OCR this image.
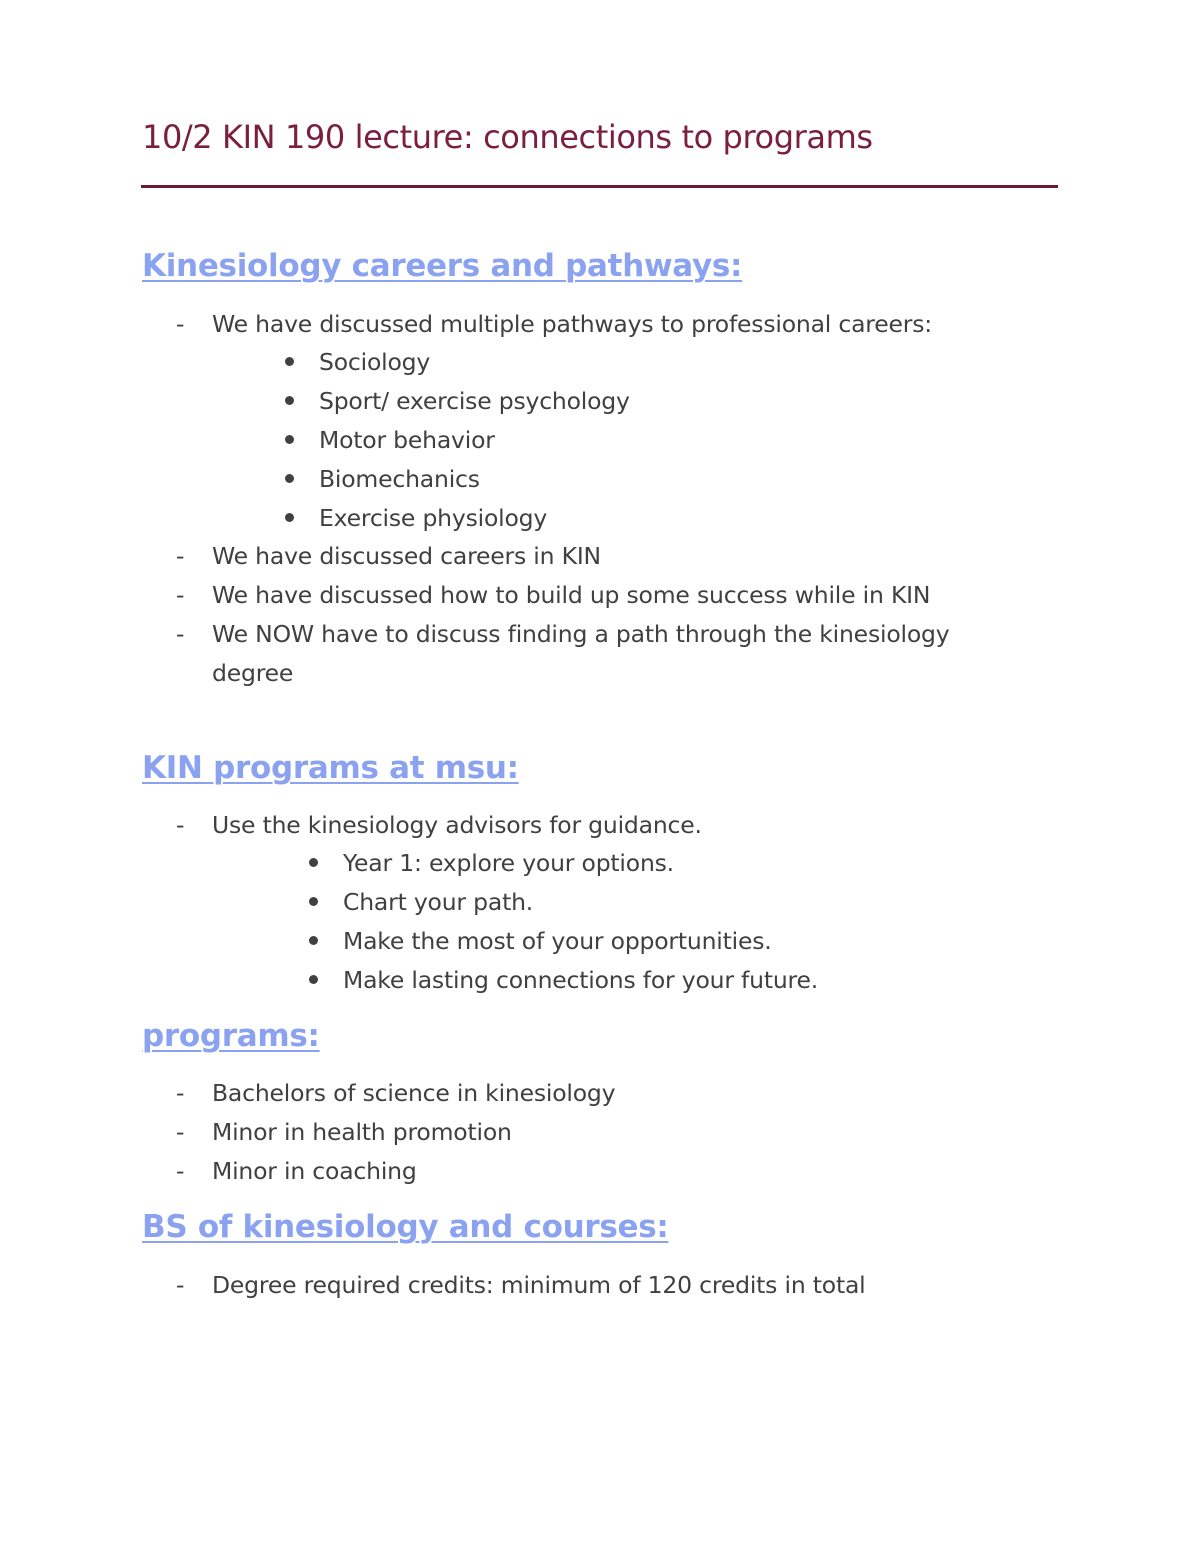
10/2 KIN 190 lecture: connections to programs
Kinesiology careers and pathways:
- We have discussed multiple pathways to professional careers:
Sociology
Sport/ exercise psychology
Motor behavior
Biomechanics
Exercise physiology
- We have discussed careers in KIN
- We have discussed how to build up some success while in KIN
- We NOW have to discuss finding a path through the kinesiology
degree
KIN programs at msu:
- Use the kinesiology advisors for guidance.
Year 1: explore your options.
Chart your path.
Make the most of your opportunities.
Make lasting connections for your future.
programs:
- Bachelors of science in kinesiology
- Minor in health promotion
- Minor in coaching
BS of kinesiology and courses:
- Degree required credits: minimum of 120 credits in total
